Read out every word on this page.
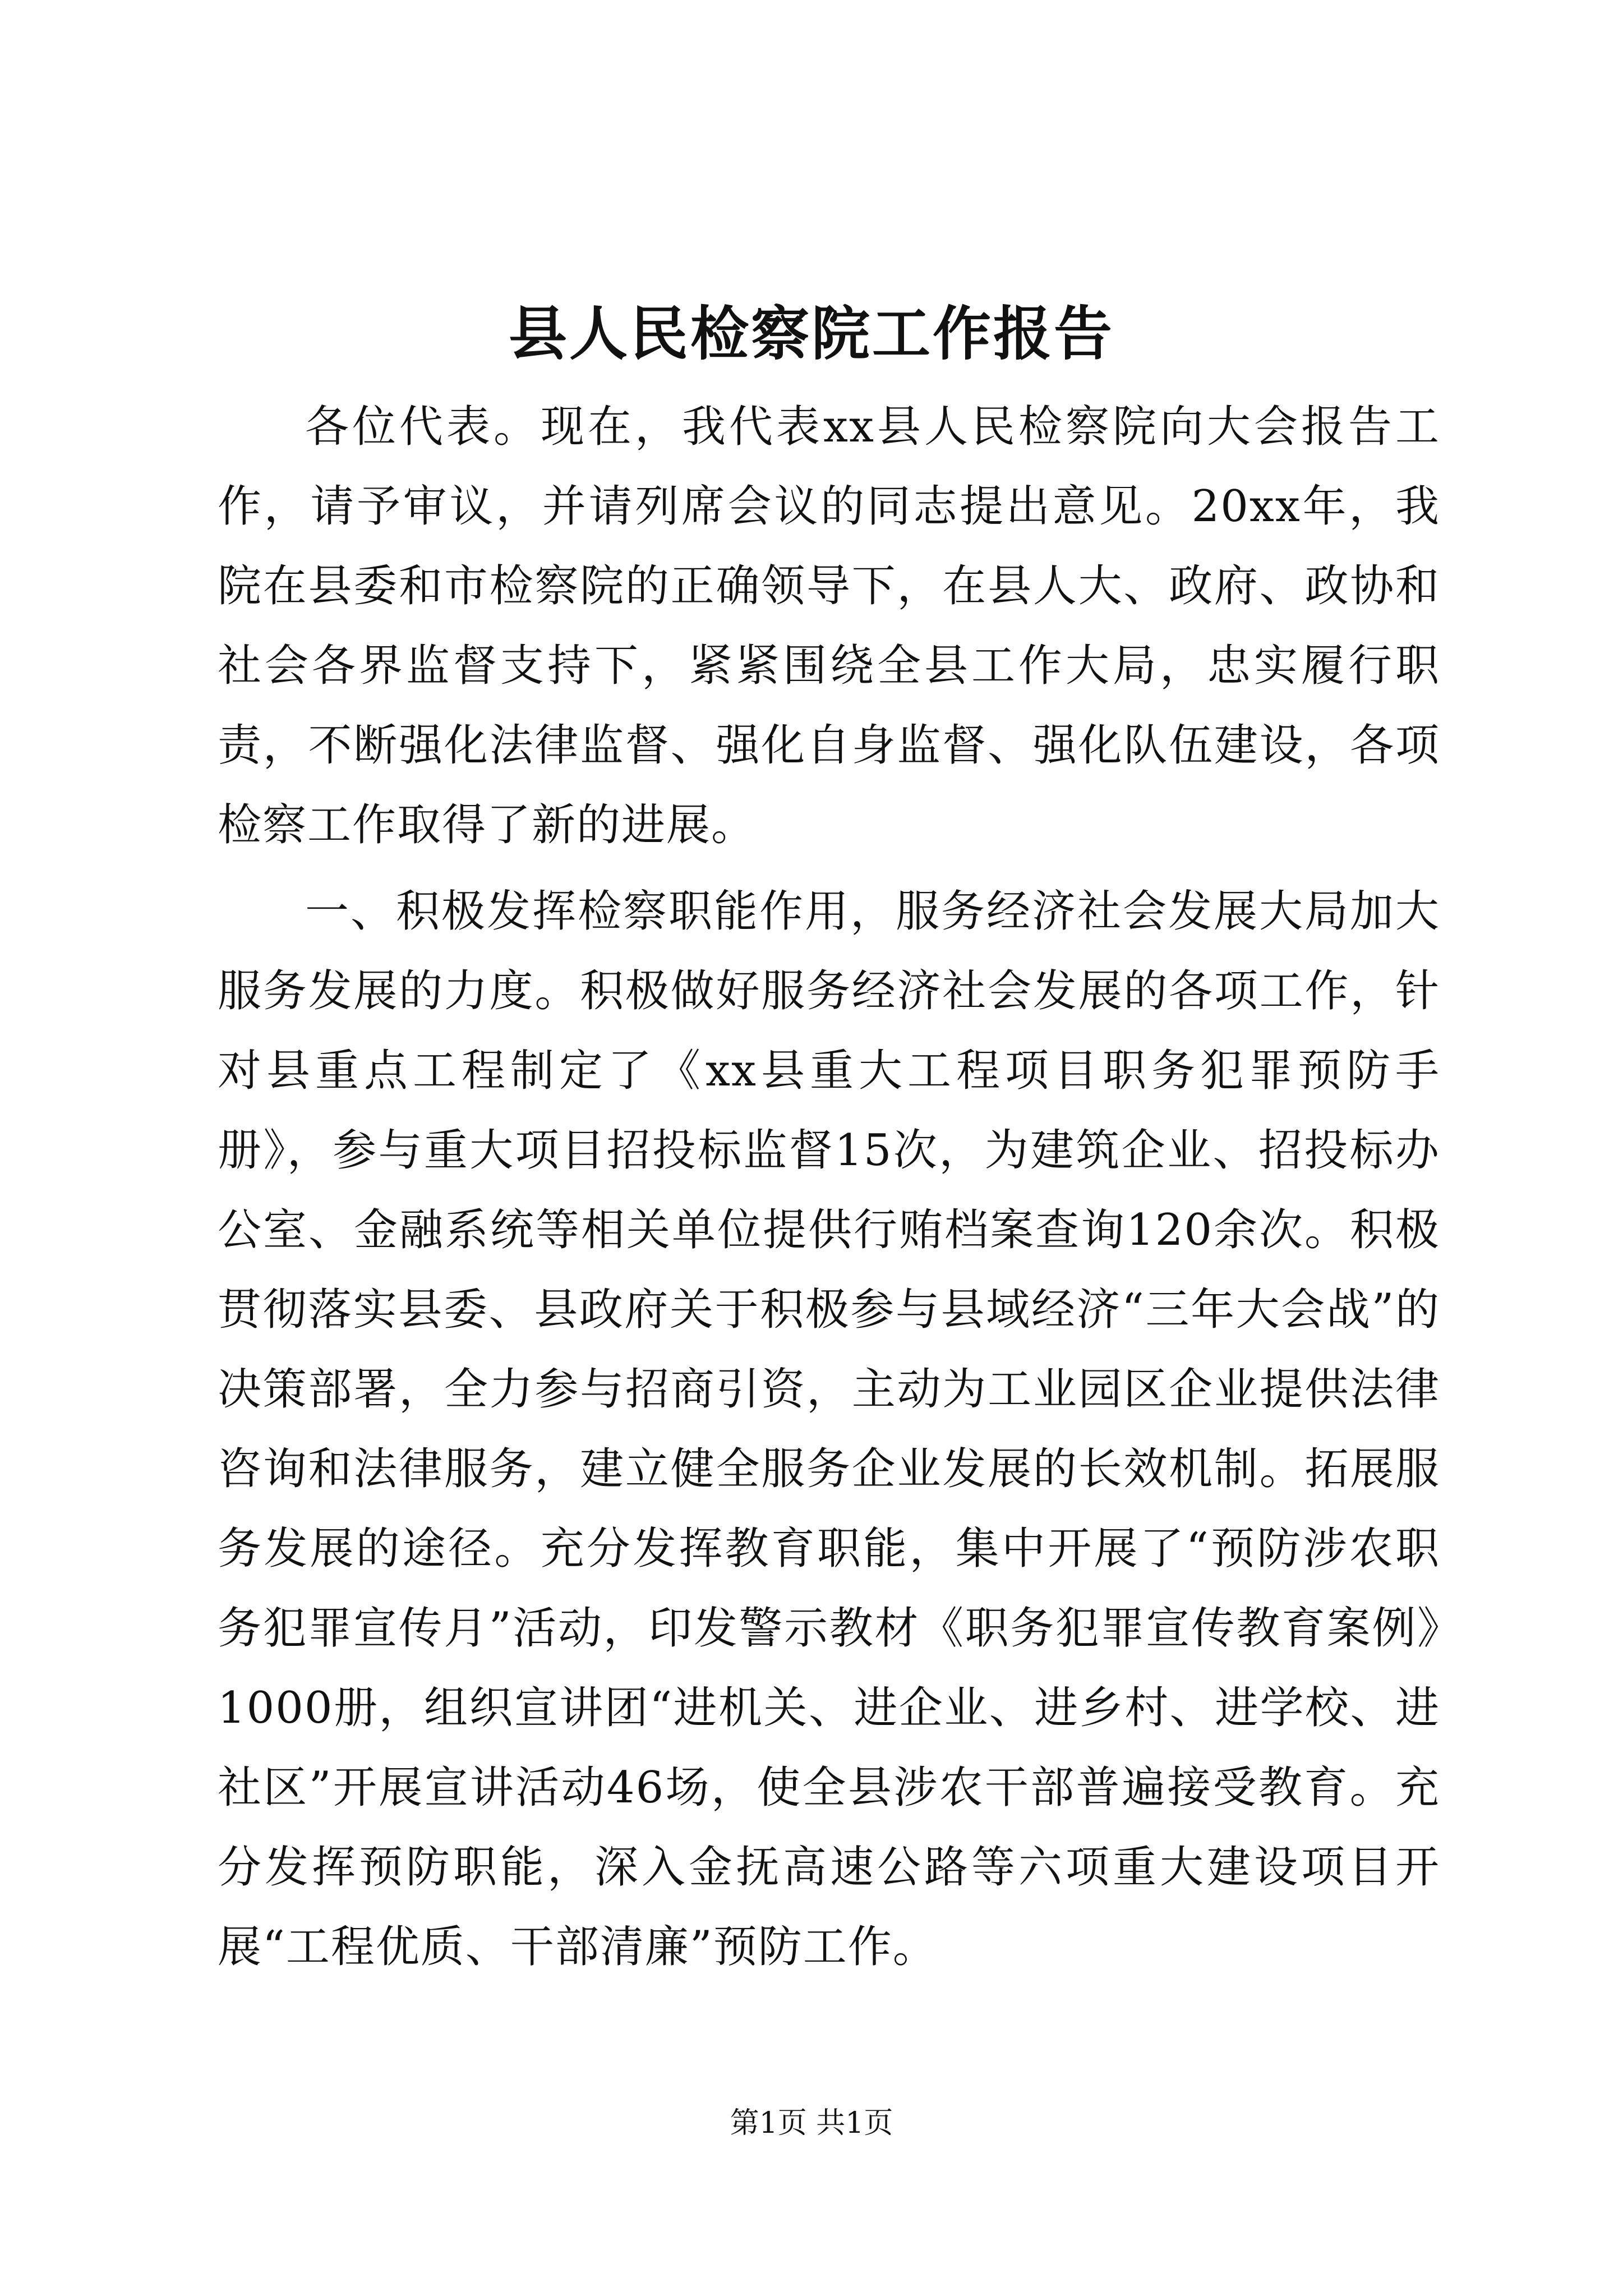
县人民检察院工作报告

各位代表。现在，我代表xx县人民检察院向大会报告工作，请予审议，并请列席会议的同志提出意见。20xx年，我院在县委和市检察院的正确领导下，在县人大、政府、政协和社会各界监督支持下，紧紧围绕全县工作大局，忠实履行职责，不断强化法律监督、强化自身监督、强化队伍建设，各项检察工作取得了新的进展。

一、积极发挥检察职能作用，服务经济社会发展大局加大服务发展的力度。积极做好服务经济社会发展的各项工作，针对县重点工程制定了《xx县重大工程项目职务犯罪预防手册》，参与重大项目招投标监督15次，为建筑企业、招投标办公室、金融系统等相关单位提供行贿档案查询120余次。积极贯彻落实县委、县政府关于积极参与县域经济“三年大会战”的决策部署，全力参与招商引资，主动为工业园区企业提供法律咨询和法律服务，建立健全服务企业发展的长效机制。拓展服务发展的途径。充分发挥教育职能，集中开展了“预防涉农职务犯罪宣传月”活动，印发警示教材《职务犯罪宣传教育案例》1000册，组织宣讲团“进机关、进企业、进乡村、进学校、进社区”开展宣讲活动46场，使全县涉农干部普遍接受教育。充分发挥预防职能，深入金抚高速公路等六项重大建设项目开展“工程优质、干部清廉”预防工作。

第1页 共1页
